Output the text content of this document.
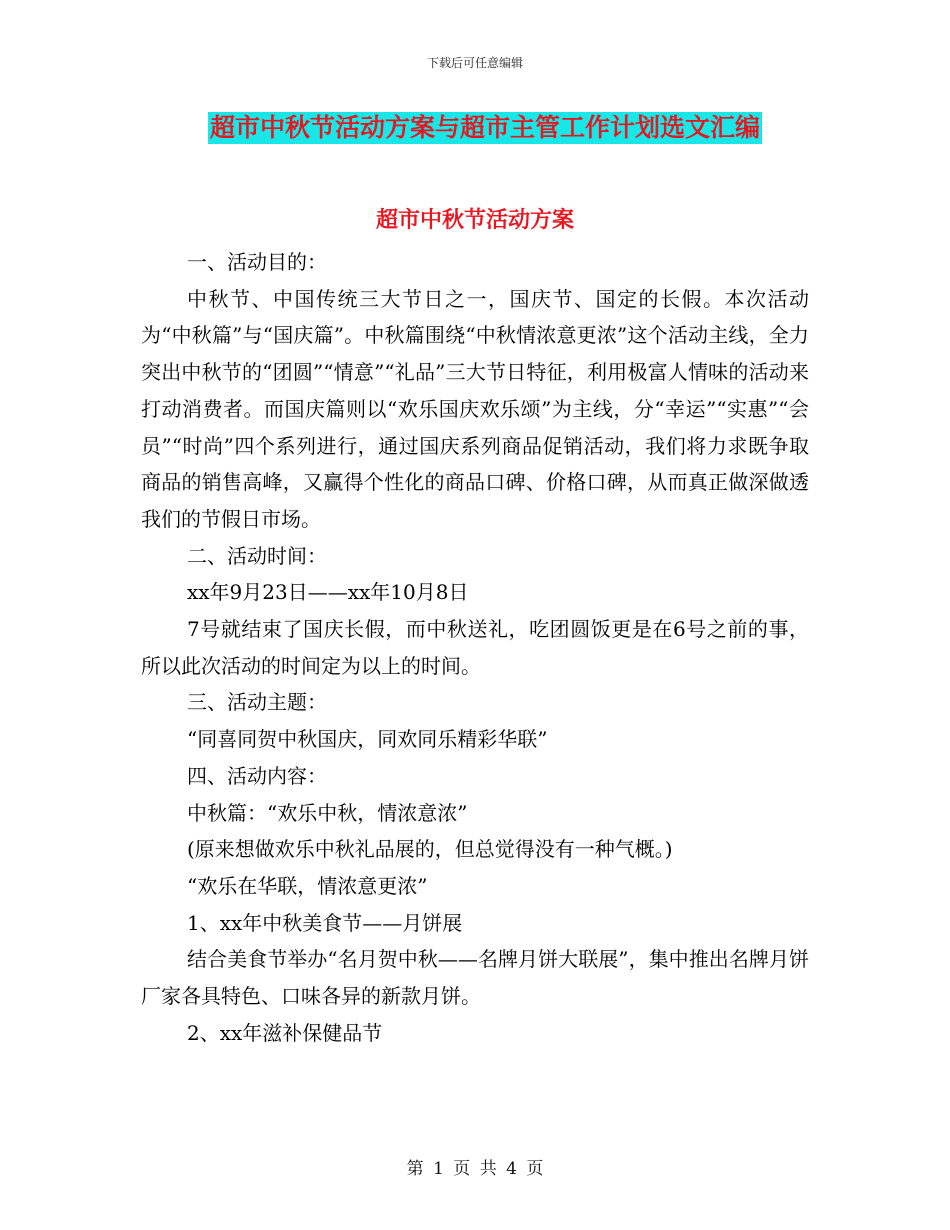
下载后可任意编辑
超市中秋节活动方案与超市主管工作计划选文汇编
超市中秋节活动方案

一、活动目的：

中秋节、中国传统三大节日之一，国庆节、国定的长假。本次活动为“中秋篇”与“国庆篇”。中秋篇围绕“中秋情浓意更浓”这个活动主线，全力突出中秋节的“团圆”“情意”“礼品”三大节日特征，利用极富人情味的活动来打动消费者。而国庆篇则以“欢乐国庆欢乐颂”为主线，分“幸运”“实惠”“会员”“时尚”四个系列进行，通过国庆系列商品促销活动，我们将力求既争取商品的销售高峰，又赢得个性化的商品口碑、价格口碑，从而真正做深做透我们的节假日市场。

二、活动时间：

xx年9月23日——xx年10月8日

7号就结束了国庆长假，而中秋送礼，吃团圆饭更是在6号之前的事，所以此次活动的时间定为以上的时间。

三、活动主题：

“同喜同贺中秋国庆，同欢同乐精彩华联”

四、活动内容：

中秋篇：“欢乐中秋，情浓意浓”

(原来想做欢乐中秋礼品展的，但总觉得没有一种气概。)

“欢乐在华联，情浓意更浓”

1、xx年中秋美食节——月饼展

结合美食节举办“名月贺中秋——名牌月饼大联展”，集中推出名牌月饼厂家各具特色、口味各异的新款月饼。

2、xx年滋补保健品节

第 1 页 共 4 页
